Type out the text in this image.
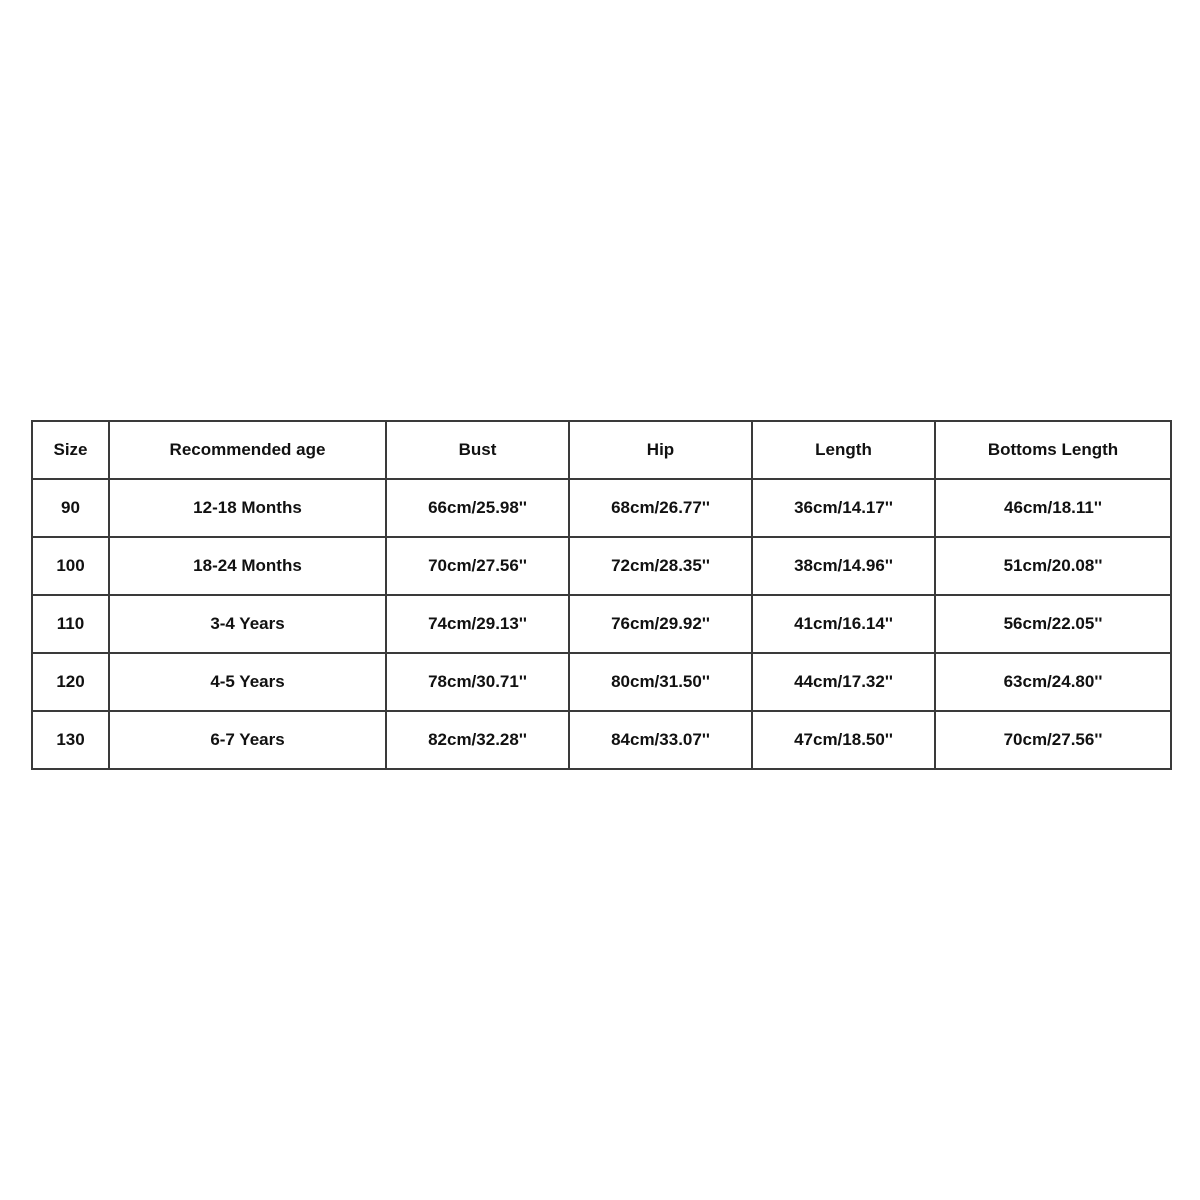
Size	Recommended age	Bust	Hip	Length	Bottoms Length
90	12-18 Months	66cm/25.98''	68cm/26.77''	36cm/14.17''	46cm/18.11''
100	18-24 Months	70cm/27.56''	72cm/28.35''	38cm/14.96''	51cm/20.08''
110	3-4 Years	74cm/29.13''	76cm/29.92''	41cm/16.14''	56cm/22.05''
120	4-5 Years	78cm/30.71''	80cm/31.50''	44cm/17.32''	63cm/24.80''
130	6-7 Years	82cm/32.28''	84cm/33.07''	47cm/18.50''	70cm/27.56''
